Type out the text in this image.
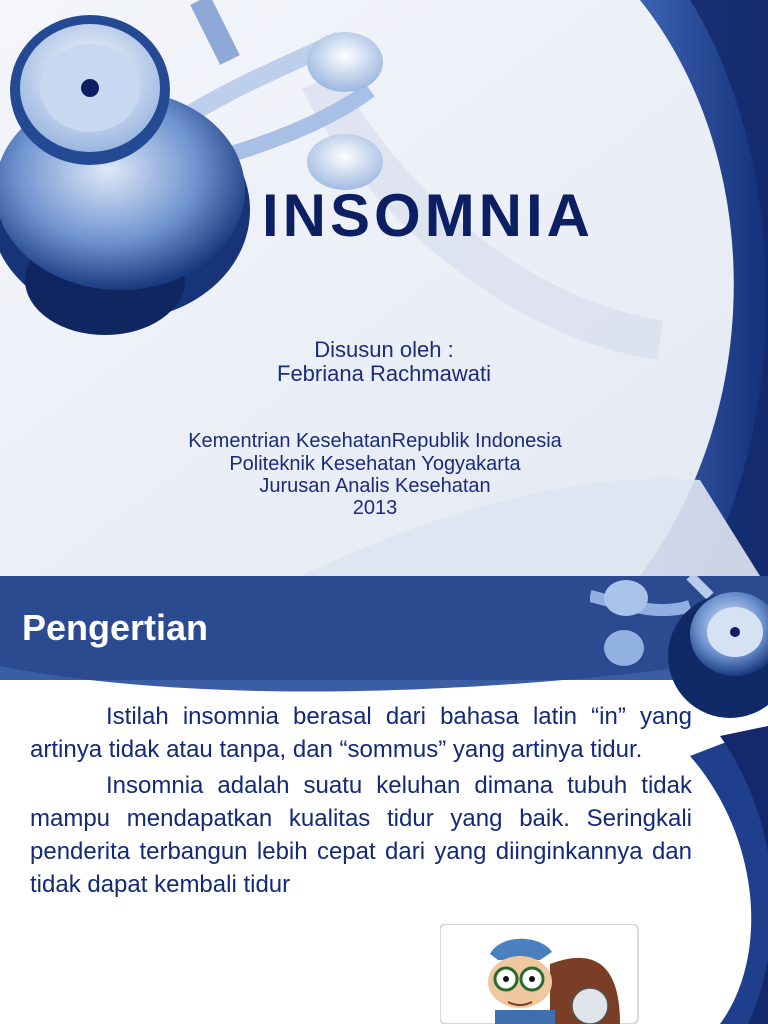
INSOMNIA
Disusun oleh :
Febriana Rachmawati
Kementrian KesehatanRepublik Indonesia
Politeknik Kesehatan Yogyakarta
Jurusan Analis Kesehatan
2013
Pengertian

Istilah insomnia berasal dari bahasa latin “in” yang artinya tidak atau tanpa, dan “sommus” yang artinya tidur.

Insomnia adalah suatu keluhan dimana tubuh tidak mampu mendapatkan kualitas tidur yang baik. Seringkali penderita terbangun lebih cepat dari yang diinginkannya dan tidak dapat kembali tidur
